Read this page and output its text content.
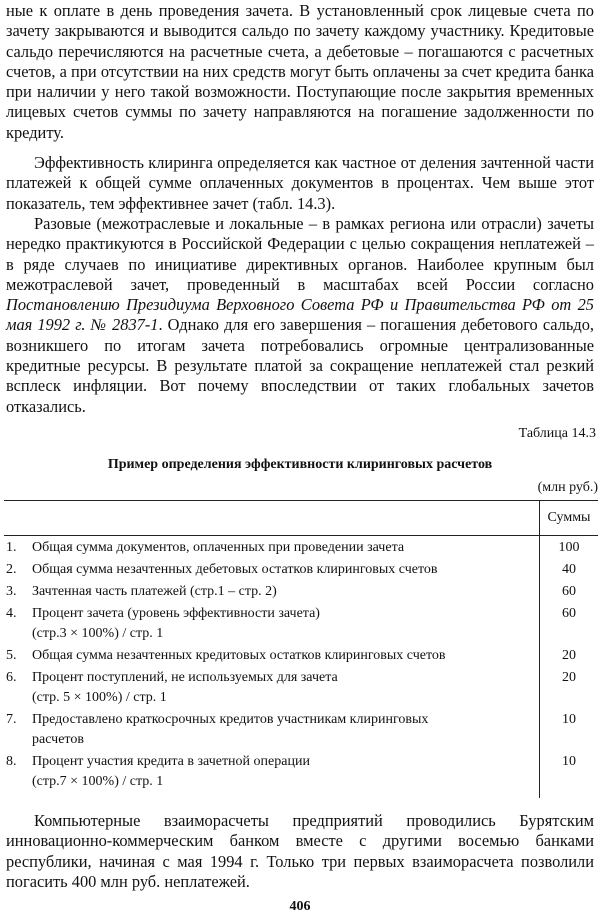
ные к оплате в день проведения зачета. В установленный срок лицевые счета по зачету закрываются и выводится сальдо по зачету каждому участнику. Кредитовые сальдо перечисляются на расчетные счета, а дебетовые – погашаются с расчетных счетов, а при отсутствии на них средств могут быть оплачены за счет кредита банка при наличии у него такой возможности. Поступающие после закрытия временных лицевых счетов суммы по зачету направляются на погашение задолженности по кредиту.

Эффективность клиринга определяется как частное от деления зачтенной части платежей к общей сумме оплаченных документов в процентах. Чем выше этот показатель, тем эффективнее зачет (табл. 14.3).

Разовые (межотраслевые и локальные – в рамках региона или отрасли) зачеты нередко практикуются в Российской Федерации с целью сокращения неплатежей – в ряде случаев по инициативе директивных органов. Наиболее крупным был межотраслевой зачет, проведенный в масштабах всей России согласно Постановлению Президиума Верховного Совета РФ и Правительства РФ от 25 мая 1992 г. № 2837-1. Однако для его завершения – погашения дебетового сальдо, возникшего по итогам зачета потребовались огромные централизованные кредитные ресурсы. В результате платой за сокращение неплатежей стал резкий всплеск инфляции. Вот почему впоследствии от таких глобальных зачетов отказались.

Таблица 14.3

Пример определения эффективности клиринговых расчетов

(млн руб.)

	Суммы
1. Общая сумма документов, оплаченных при проведении зачета	100
2. Общая сумма незачтенных дебетовых остатков клиринговых счетов	40
3. Зачтенная часть платежей (стр.1 – стр. 2)	60
4. Процент зачета (уровень эффективности зачета)
(стр.3 × 100%) / стр. 1	60
5. Общая сумма незачтенных кредитовых остатков клиринговых счетов	20
6. Процент поступлений, не используемых для зачета
(стр. 5 × 100%) / стр. 1	20
7. Предоставлено краткосрочных кредитов участникам клиринговых
расчетов	10
8. Процент участия кредита в зачетной операции
(стр.7 × 100%) / стр. 1	10

Компьютерные взаиморасчеты предприятий проводились Бурятским инновационно-коммерческим банком вместе с другими восемью банками республики, начиная с мая 1994 г. Только три первых взаиморасчета позволили погасить 400 млн руб. неплатежей.

406
